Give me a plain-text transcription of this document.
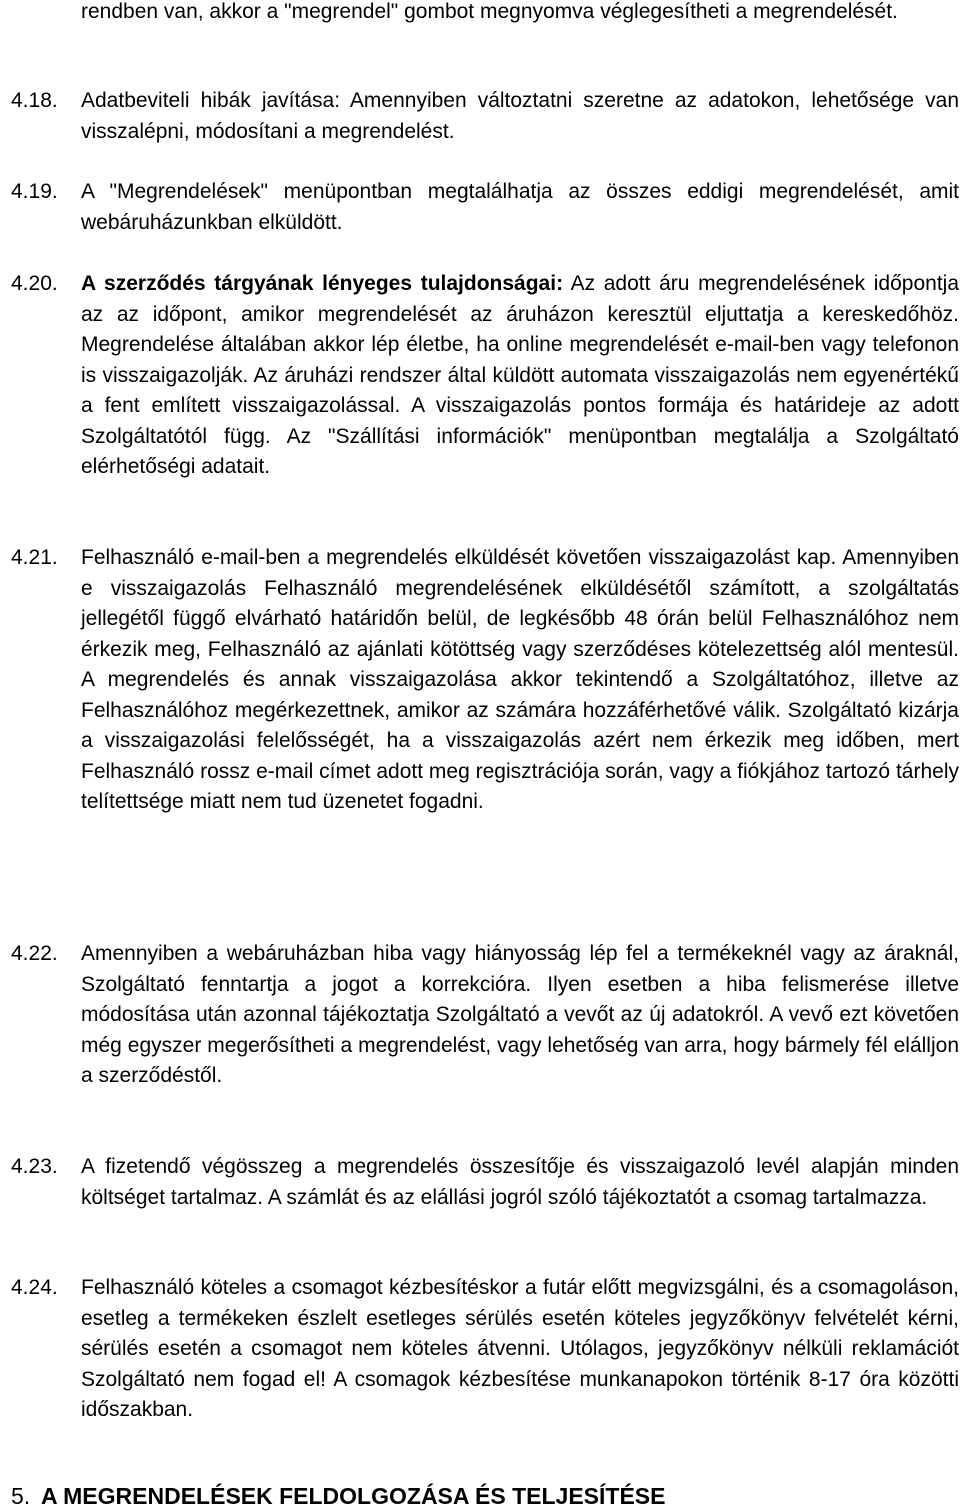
rendben van, akkor a "megrendel" gombot megnyomva véglegesítheti a megrendelését.
4.18. Adatbeviteli hibák javítása: Amennyiben változtatni szeretne az adatokon, lehetősége van visszalépni, módosítani a megrendelést.
4.19. A "Megrendelések" menüpontban megtalálhatja az összes eddigi megrendelését, amit webáruházunkban elküldött.
4.20. A szerződés tárgyának lényeges tulajdonságai: Az adott áru megrendelésének időpontja az az időpont, amikor megrendelését az áruházon keresztül eljuttatja a kereskedőhöz. Megrendelése általában akkor lép életbe, ha online megrendelését e-mail-ben vagy telefonon is visszaigazolják. Az áruházi rendszer által küldött automata visszaigazolás nem egyenértékű a fent említett visszaigazolással. A visszaigazolás pontos formája és határideje az adott Szolgáltatótól függ. Az "Szállítási információk" menüpontban megtalálja a Szolgáltató elérhetőségi adatait.
4.21. Felhasználó e-mail-ben a megrendelés elküldését követően visszaigazolást kap. Amennyiben e visszaigazolás Felhasználó megrendelésének elküldésétől számított, a szolgáltatás jellegétől függő elvárható határidőn belül, de legkésőbb 48 órán belül Felhasználóhoz nem érkezik meg, Felhasználó az ajánlati kötöttség vagy szerződéses kötelezettség alól mentesül. A megrendelés és annak visszaigazolása akkor tekintendő a Szolgáltatóhoz, illetve az Felhasználóhoz megérkezettnek, amikor az számára hozzáférhetővé válik. Szolgáltató kizárja a visszaigazolási felelősségét, ha a visszaigazolás azért nem érkezik meg időben, mert Felhasználó rossz e-mail címet adott meg regisztrációja során, vagy a fiókjához tartozó tárhely telítettsége miatt nem tud üzenetet fogadni.
4.22. Amennyiben a webáruházban hiba vagy hiányosság lép fel a termékeknél vagy az áraknál, Szolgáltató fenntartja a jogot a korrekcióra. Ilyen esetben a hiba felismerése illetve módosítása után azonnal tájékoztatja Szolgáltató a vevőt az új adatokról. A vevő ezt követően még egyszer megerősítheti a megrendelést, vagy lehetőség van arra, hogy bármely fél elálljon a szerződéstől.
4.23. A fizetendő végösszeg a megrendelés összesítője és visszaigazoló levél alapján minden költséget tartalmaz. A számlát és az elállási jogról szóló tájékoztatót a csomag tartalmazza.
4.24. Felhasználó köteles a csomagot kézbesítéskor a futár előtt megvizsgálni, és a csomagoláson, esetleg a termékeken észlelt esetleges sérülés esetén köteles jegyzőkönyv felvételét kérni, sérülés esetén a csomagot nem köteles átvenni. Utólagos, jegyzőkönyv nélküli reklamációt Szolgáltató nem fogad el! A csomagok kézbesítése munkanapokon történik 8-17 óra közötti időszakban.
5. A MEGRENDELÉSEK FELDOLGOZÁSA ÉS TELJESÍTÉSE
